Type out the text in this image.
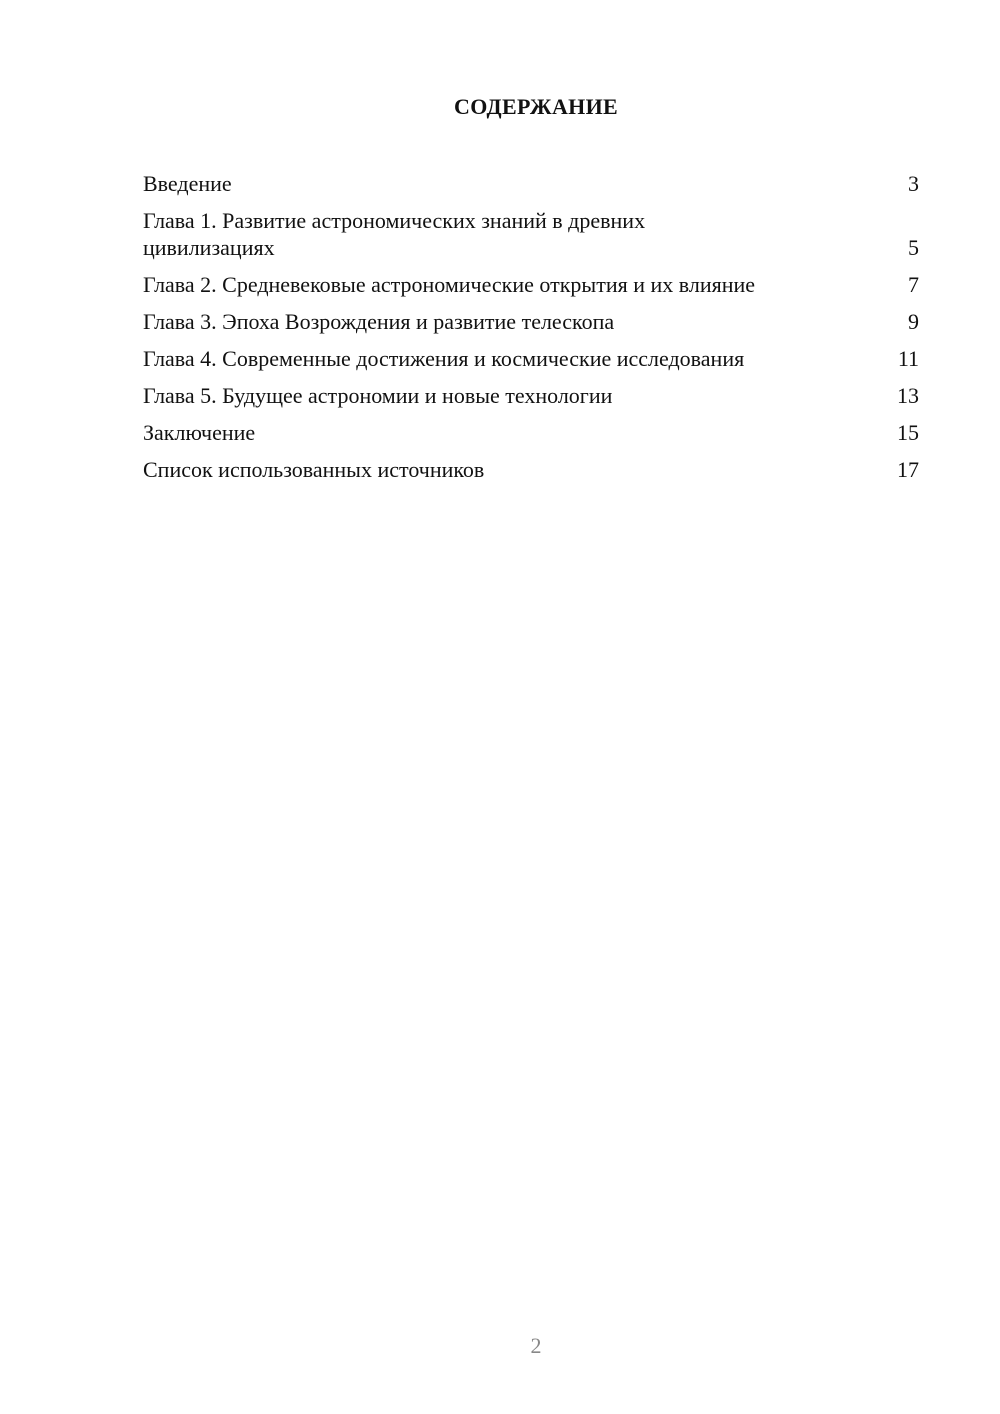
СОДЕРЖАНИЕ
Введение	3
Глава 1. Развитие астрономических знаний в древних цивилизациях	5
Глава 2. Средневековые астрономические открытия и их влияние	7
Глава 3. Эпоха Возрождения и развитие телескопа	9
Глава 4. Современные достижения и космические исследования	11
Глава 5. Будущее астрономии и новые технологии	13
Заключение	15
Список использованных источников	17
2
